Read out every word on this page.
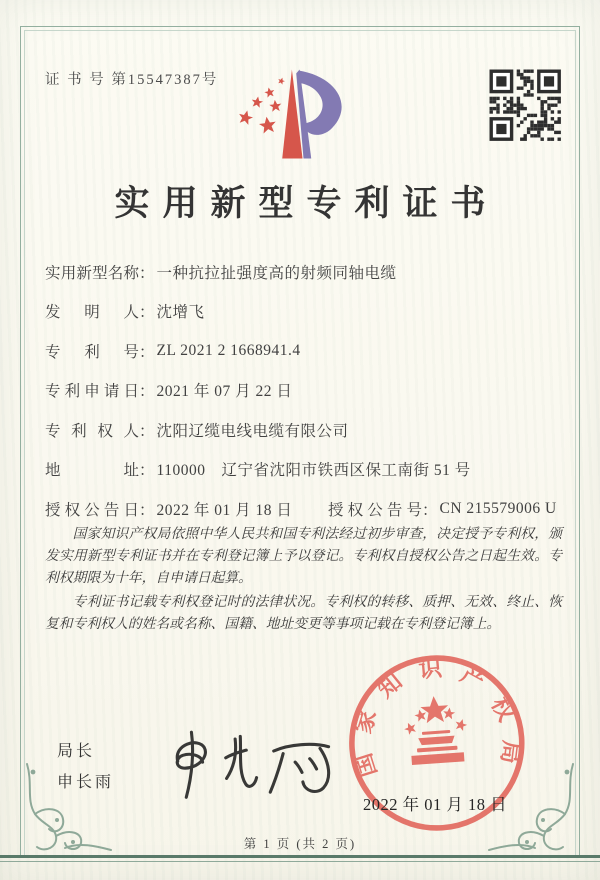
证 书 号 第15547387号
实用新型专利证书
实用新型名称 ： 一种抗拉扯强度高的射频同轴电缆
发明人 ： 沈增飞
专利号 ： ZL 2021 2 1668941.4
专利申请日 ： 2021 年 07 月 22 日
专利权人 ： 沈阳辽缆电线电缆有限公司
地址 ： 110000　辽宁省沈阳市铁西区保工南街 51 号
授权公告日 ： 2022 年 01 月 18 日 授权公告号 ： CN 215579006 U

国家知识产权局依照中华人民共和国专利法经过初步审查，决定授予专利权，颁发实用新型专利证书并在专利登记簿上予以登记。专利权自授权公告之日起生效。专利权期限为十年，自申请日起算。

专利证书记载专利权登记时的法律状况。专利权的转移、质押、无效、终止、恢复和专利权人的姓名或名称、国籍、地址变更等事项记载在专利登记簿上。

局长
申长雨
国家知识产权局
2022 年 01 月 18 日
第 1 页 (共 2 页)
